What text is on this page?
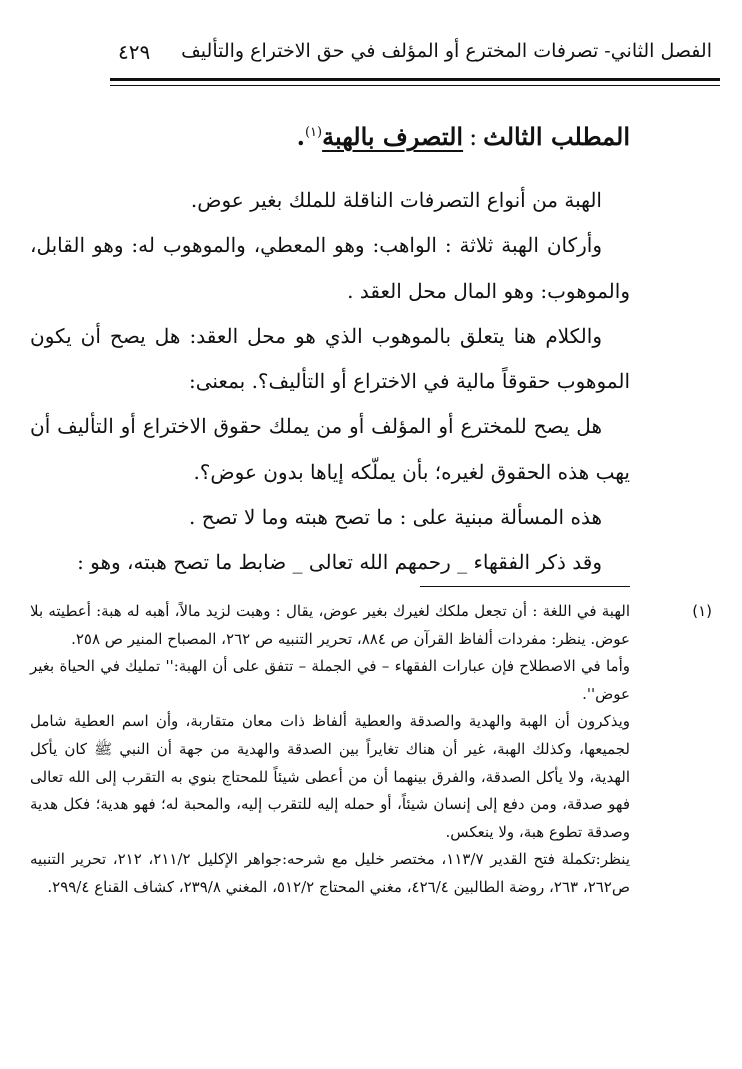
الفصل الثاني- تصرفات المخترع أو المؤلف في حق الاختراع والتأليف
٤٢٩
المطلب الثالث:التصرف بالهبة$^{(١)}$.

الهبة من أنواع التصرفات الناقلة للملك بغير عوض.

وأركان الهبة ثلاثة : الواهب: وهو المعطي، والموهوب له: وهو القابل، والموهوب: وهو المال محل العقد .

والكلام هنا يتعلق بالموهوب الذي هو محل العقد: هل يصح أن يكون الموهوب حقوقاً مالية في الاختراع أو التأليف؟. بمعنى:

هل يصح للمخترع أو المؤلف أو من يملك حقوق الاختراع أو التأليف أن يهب هذه الحقوق لغيره؛ بأن يملّكه إياها بدون عوض؟.

هذه المسألة مبنية على : ما تصح هبته وما لا تصح .

وقد ذكر الفقهاء _ رحمهم الله تعالى _ ضابط ما تصح هبته، وهو :

(١)

الهبة في اللغة : أن تجعل ملكك لغيرك بغير عوض، يقال : وهبت لزيد مالاً، أهبه له هبة: أعطيته بلا عوض. ينظر: مفردات ألفاظ القرآن ص ٨٨٤، تحرير التنبيه ص ٢٦٢، المصباح المنير ص ٢٥٨.

وأما في الاصطلاح فإن عبارات الفقهاء – في الجملة – تتفق على أن الهبة:'' تمليك في الحياة بغير عوض''.

ويذكرون أن الهبة والهدية والصدقة والعطية ألفاظ ذات معان متقاربة، وأن اسم العطية شامل لجميعها، وكذلك الهبة، غير أن هناك تغايراً بين الصدقة والهدية من جهة أن النبي ﷺ كان يأكل الهدية، ولا يأكل الصدقة، والفرق بينهما أن من أعطى شيئاً للمحتاج بنوي به التقرب إلى الله تعالى فهو صدقة، ومن دفع إلى إنسان شيئاً، أو حمله إليه للتقرب إليه، والمحبة له؛ فهو هدية؛ فكل هدية وصدقة تطوع هبة، ولا ينعكس.

ينظر:تكملة فتح القدير ١١٣/٧، مختصر خليل مع شرحه:جواهر الإكليل ٢١١/٢، ٢١٢، تحرير التنبيه ص٢٦٢، ٢٦٣، روضة الطالبين ٤٢٦/٤، مغني المحتاج ٥١٢/٢، المغني ٢٣٩/٨، كشاف القناع ٢٩٩/٤.
